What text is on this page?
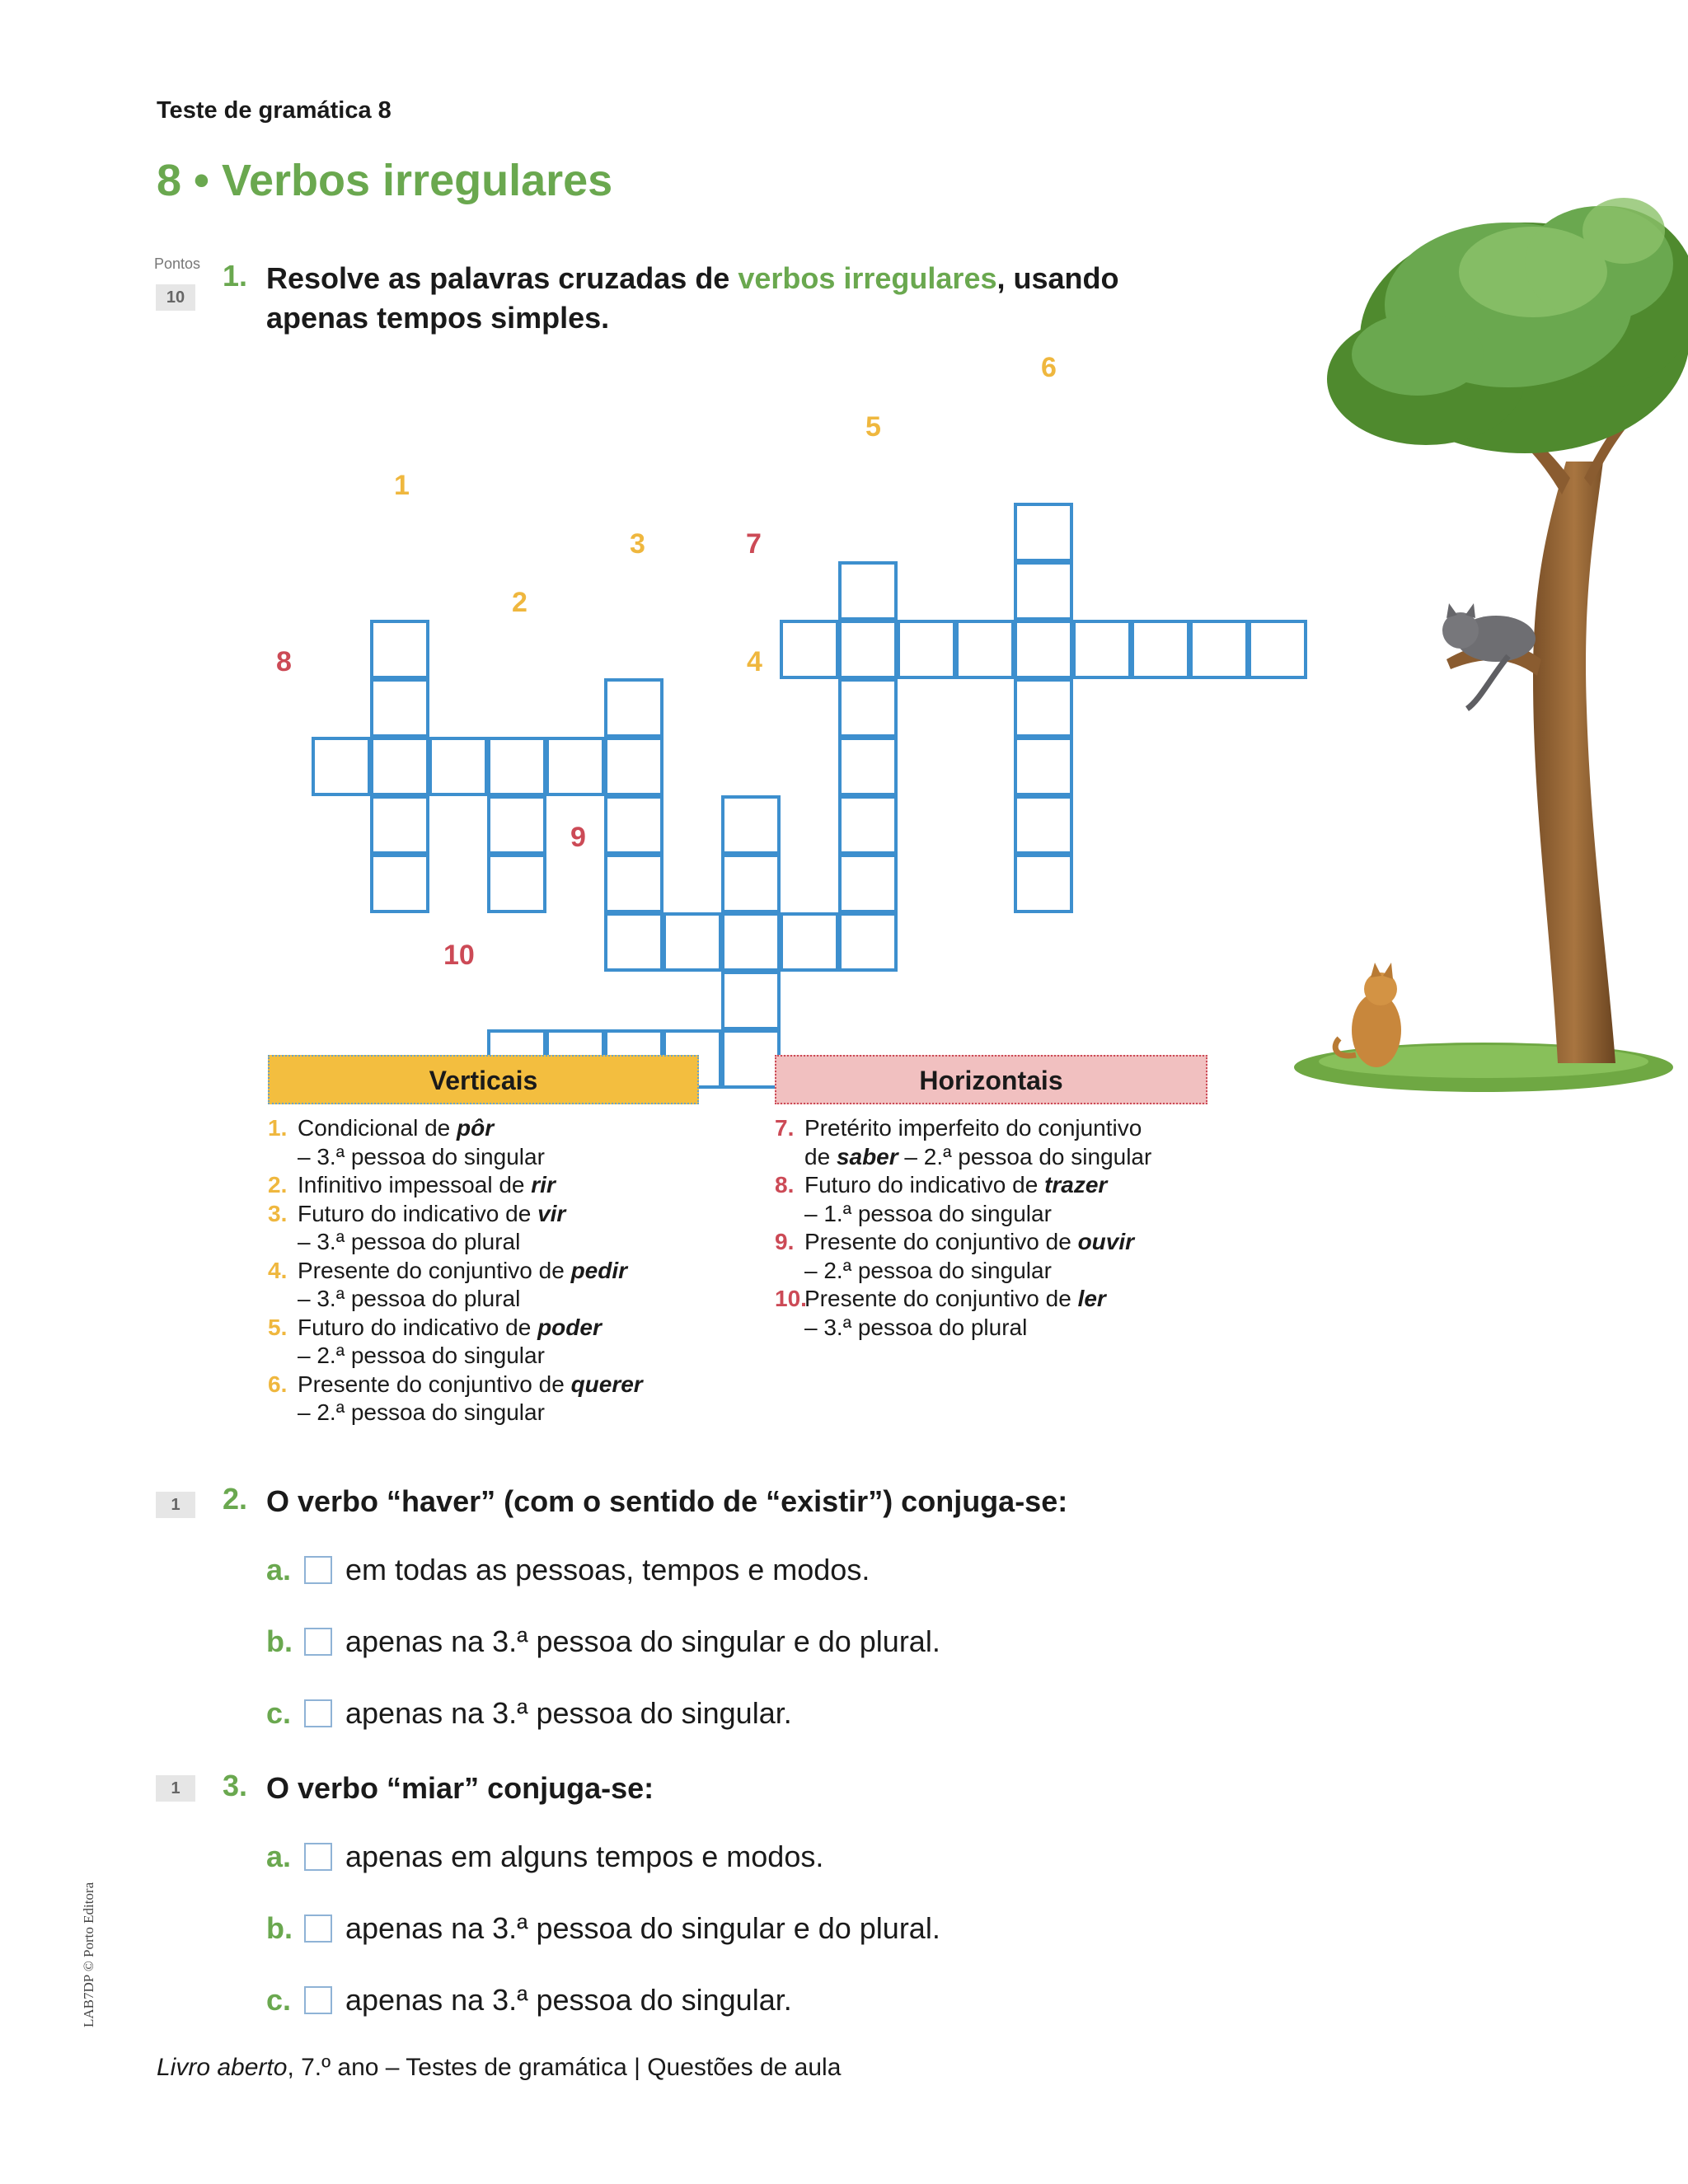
Teste de gramática 8
8 • Verbos irregulares
Pontos
10
1. Resolve as palavras cruzadas de verbos irregulares, usando apenas tempos simples.
1
2
3
4
5
6
7
8
9
10
Verticais
1. Condicional de pôr
– 3.ª pessoa do singular
2. Infinitivo impessoal de rir
3. Futuro do indicativo de vir
– 3.ª pessoa do plural
4. Presente do conjuntivo de pedir
– 3.ª pessoa do plural
5. Futuro do indicativo de poder
– 2.ª pessoa do singular
6. Presente do conjuntivo de querer
– 2.ª pessoa do singular
Horizontais
7. Pretérito imperfeito do conjuntivo
de saber – 2.ª pessoa do singular
8. Futuro do indicativo de trazer
– 1.ª pessoa do singular
9. Presente do conjuntivo de ouvir
– 2.ª pessoa do singular
10.
Presente do conjuntivo de ler
– 3.ª pessoa do plural
1	2. O verbo “haver” (com o sentido de “existir”) conjuga-se:
a.	em todas as pessoas, tempos e modos.
b.	apenas na 3.ª pessoa do singular e do plural.
c.	apenas na 3.ª pessoa do singular.
1	3. O verbo “miar” conjuga-se:
a.	apenas em alguns tempos e modos.
b.	apenas na 3.ª pessoa do singular e do plural.
c.	apenas na 3.ª pessoa do singular.
Livro aberto, 7.º ano – Testes de gramática | Questões de aula
LAB7DP © Porto Editora
